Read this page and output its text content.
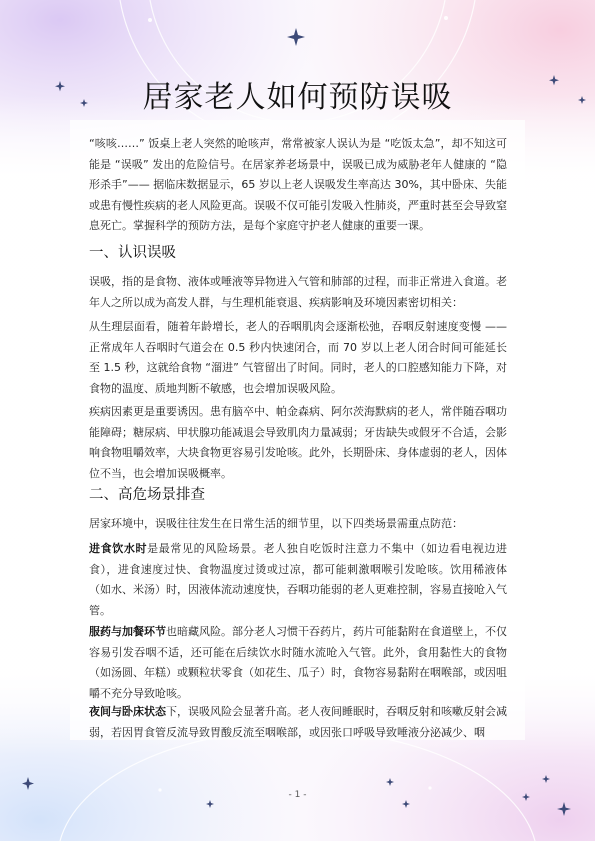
居家老人如何预防误吸

“咳咳……” 饭桌上老人突然的呛咳声，常常被家人误认为是 “吃饭太急”，却不知这可能是 “误吸” 发出的危险信号。在居家养老场景中，误吸已成为威胁老年人健康的 “隐形杀手”—— 据临床数据显示，65 岁以上老人误吸发生率高达 30%，其中卧床、失能或患有慢性疾病的老人风险更高。误吸不仅可能引发吸入性肺炎，严重时甚至会导致窒息死亡。掌握科学的预防方法，是每个家庭守护老人健康的重要一课。

一、认识误吸

误吸，指的是食物、液体或唾液等异物进入气管和肺部的过程，而非正常进入食道。老年人之所以成为高发人群，与生理机能衰退、疾病影响及环境因素密切相关：

从生理层面看，随着年龄增长，老人的吞咽肌肉会逐渐松弛，吞咽反射速度变慢 —— 正常成年人吞咽时气道会在 0.5 秒内快速闭合，而 70 岁以上老人闭合时间可能延长至 1.5 秒，这就给食物 “溜进” 气管留出了时间。同时，老人的口腔感知能力下降，对食物的温度、质地判断不敏感，也会增加误吸风险。

疾病因素更是重要诱因。患有脑卒中、帕金森病、阿尔茨海默病的老人，常伴随吞咽功能障碍；糖尿病、甲状腺功能减退会导致肌肉力量减弱；牙齿缺失或假牙不合适，会影响食物咀嚼效率，大块食物更容易引发呛咳。此外，长期卧床、身体虚弱的老人，因体位不当，也会增加误吸概率。

二、高危场景排查

居家环境中，误吸往往发生在日常生活的细节里，以下四类场景需重点防范：

进食饮水时是最常见的风险场景。老人独自吃饭时注意力不集中（如边看电视边进食），进食速度过快、食物温度过烫或过凉，都可能刺激咽喉引发呛咳。饮用稀液体（如水、米汤）时，因液体流动速度快，吞咽功能弱的老人更难控制，容易直接呛入气管。

服药与加餐环节也暗藏风险。部分老人习惯干吞药片，药片可能黏附在食道壁上，不仅容易引发吞咽不适，还可能在后续饮水时随水流呛入气管。此外，食用黏性大的食物（如汤圆、年糕）或颗粒状零食（如花生、瓜子）时，食物容易黏附在咽喉部，或因咀嚼不充分导致呛咳。

夜间与卧床状态下，误吸风险会显著升高。老人夜间睡眠时，吞咽反射和咳嗽反射会减弱，若因胃食管反流导致胃酸反流至咽喉部，或因张口呼吸导致唾液分泌减少、咽

- 1 -
